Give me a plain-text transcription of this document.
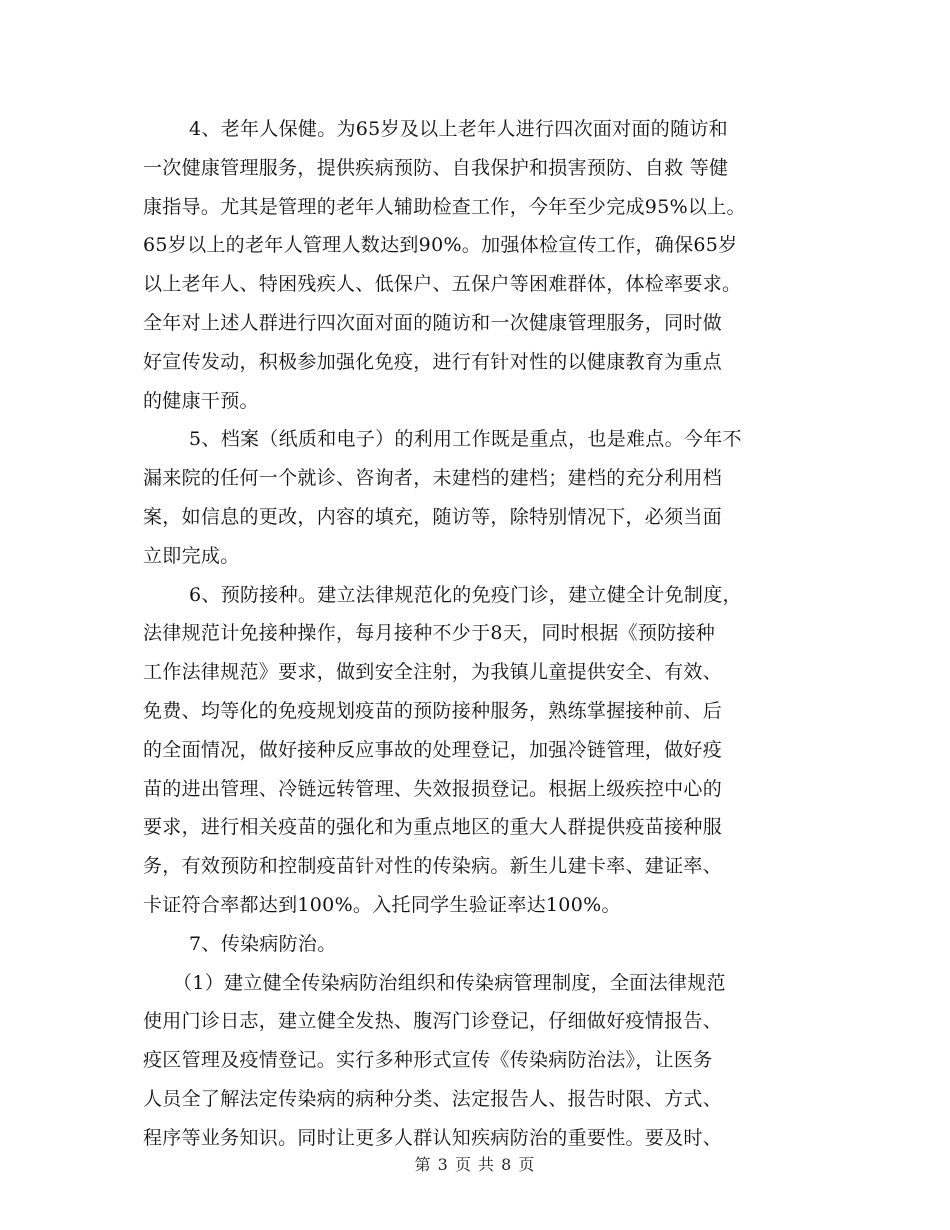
4、老年人保健。为65岁及以上老年人进行四次面对面的随访和
一次健康管理服务，提供疾病预防、自我保护和损害预防、自救 等健
康指导。尤其是管理的老年人辅助检查工作，今年至少完成95%以上。
65岁以上的老年人管理人数达到90%。加强体检宣传工作，确保65岁
以上老年人、特困残疾人、低保户、五保户等困难群体，体检率要求。
全年对上述人群进行四次面对面的随访和一次健康管理服务，同时做
好宣传发动，积极参加强化免疫，进行有针对性的以健康教育为重点
的健康干预。
5、档案（纸质和电子）的利用工作既是重点，也是难点。今年不
漏来院的任何一个就诊、咨询者，未建档的建档；建档的充分利用档
案，如信息的更改，内容的填充，随访等，除特别情况下，必须当面
立即完成。
6、预防接种。建立法律规范化的免疫门诊，建立健全计免制度，
法律规范计免接种操作，每月接种不少于8天，同时根据《预防接种
工作法律规范》要求，做到安全注射，为我镇儿童提供安全、有效、
免费、均等化的免疫规划疫苗的预防接种服务，熟练掌握接种前、后
的全面情况，做好接种反应事故的处理登记，加强冷链管理，做好疫
苗的进出管理、冷链远转管理、失效报损登记。根据上级疾控中心的
要求，进行相关疫苗的强化和为重点地区的重大人群提供疫苗接种服
务，有效预防和控制疫苗针对性的传染病。新生儿建卡率、建证率、
卡证符合率都达到100%。入托同学生验证率达100%。
7、传染病防治。
（1）建立健全传染病防治组织和传染病管理制度，全面法律规范
使用门诊日志，建立健全发热、腹泻门诊登记，仔细做好疫情报告、
疫区管理及疫情登记。实行多种形式宣传《传染病防治法》，让医务
人员全了解法定传染病的病种分类、法定报告人、报告时限、方式、
程序等业务知识。同时让更多人群认知疾病防治的重要性。要及时、
第 3 页 共 8 页
